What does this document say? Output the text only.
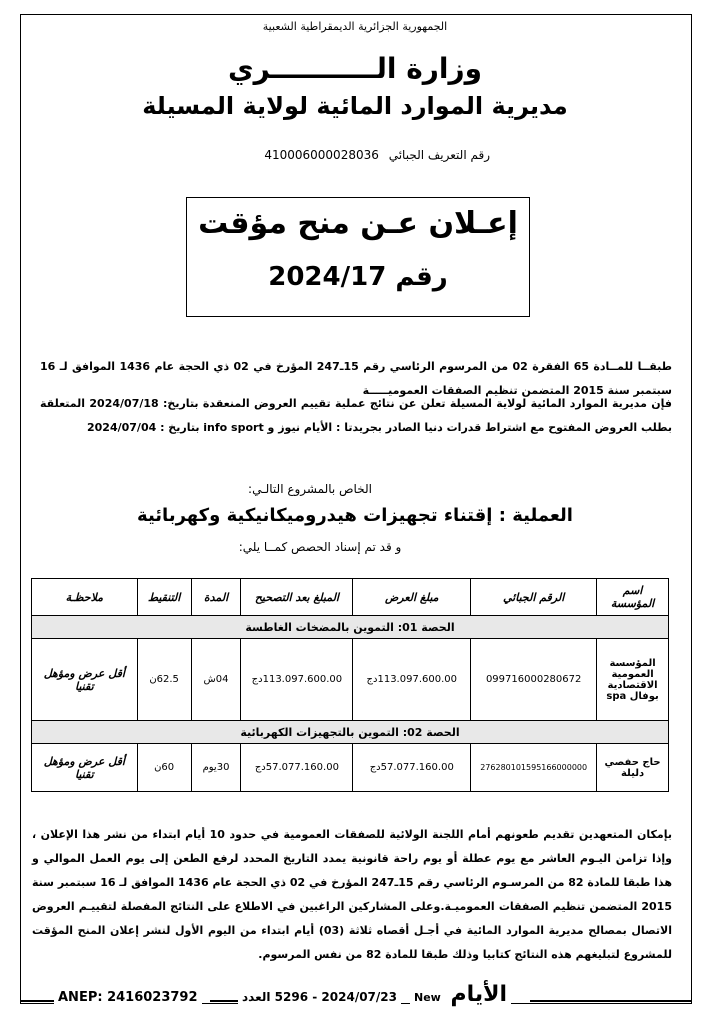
الجمهورية الجزائرية الديمقراطية الشعبية
وزارة الـــــــــــري
مديرية الموارد المائية لولاية المسيلة
رقم التعريف الجبائي 410006000028036
إعـلان عـن منح مؤقت
رقم 2024/17
طبقــا للمــادة 65 الفقرة 02 من المرسوم الرئاسي رقم 15ـ247 المؤرخ في 02 ذي الحجة عام 1436 الموافق لـ 16 سبتمبر سنة 2015 المتضمن تنظيم الصفقات العموميـــــة
فإن مديرية الموارد المائية لولاية المسيلة تعلن عن نتائج عملية تقييم العروض المنعقدة بتاريخ: 2024/07/18 المتعلقة بطلب العروض المفتوح مع اشتراط قدرات دنيا الصادر بجريدتا : الأيام نيوز و info sport بتاريخ : 2024/07/04
الخاص بالمشروع التالـي:
العملية : إقتناء تجهيزات هيدروميكانيكية وكهربائية
و قد تم إسناد الحصص كمــا يلي:
اسم المؤسسة	الرقم الجبائي	مبلغ العرض	المبلغ بعد التصحيح	المدة	التنقيط	ملاحظـة
الحصة 01: التموين بالمضخات الغاطسة						
المؤسسة العمومية الاقتصادية بوفال spa	099716000280672	113.097.600.00دج	113.097.600.00دج	04ش	62.5ن	أقل عرض ومؤهل تقنيا
الحصة 02: التموين بالتجهيزات الكهربائية						
حاج حفصي دليلة	276280101595166000000	57.077.160.00دج	57.077.160.00دج	30يوم	60ن	أقل عرض ومؤهل تقنيا
بإمكان المتعهدين تقديم طعونهم أمام اللجنة الولائية للصفقات العمومية في حدود 10 أيام ابتداء من نشر هذا الإعلان ، وإذا تزامن اليـوم العاشر مع يوم عطلة أو يوم راحة قانونية يمدد التاريخ المحدد لرفع الطعن إلى يوم العمل الموالي و هذا طبقا للمادة 82 من المرسـوم الرئاسي رقم 15ـ247 المؤرخ في 02 ذي الحجة عام 1436 الموافق لـ 16 سبتمبر سنة 2015 المتضمن تنظيم الصفقات العموميـة.وعلى المشاركين الراغبين في الاطلاع على النتائج المفصلة لتقييـم العروض الاتصال بمصالح مديرية الموارد المائية في أجـل أقصاه ثلاثة (03) أيام ابتداء من اليوم الأول لنشر إعلان المنح المؤقت للمشروع لتبليغهم هذه النتائج كتابيا وذلك طبقا للمادة 82 من نفس المرسوم.
ANEP: 2416023792	2024/07/23 - 5296 العدد	New الأيام
